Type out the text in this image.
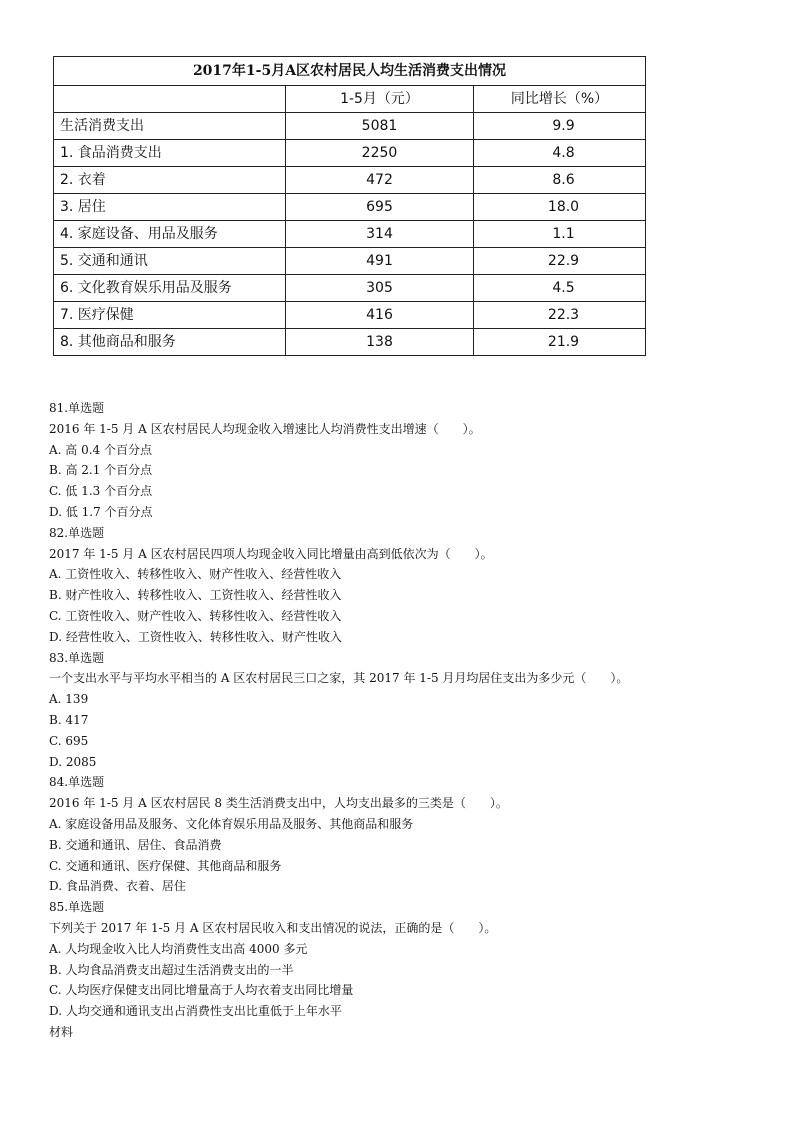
2017年1-5月A区农村居民人均生活消费支出情况		
	1-5月（元）	同比增长（%）
生活消费支出	5081	9.9
1. 食品消费支出	2250	4.8
2. 衣着	472	8.6
3. 居住	695	18.0
4. 家庭设备、用品及服务	314	1.1
5. 交通和通讯	491	22.9
6. 文化教育娱乐用品及服务	305	4.5
7. 医疗保健	416	22.3
8. 其他商品和服务	138	21.9
81.单选题
2016 年 1-5 月 A 区农村居民人均现金收入增速比人均消费性支出增速（　　）。
A. 高 0.4 个百分点
B. 高 2.1 个百分点
C. 低 1.3 个百分点
D. 低 1.7 个百分点
82.单选题
2017 年 1-5 月 A 区农村居民四项人均现金收入同比增量由高到低依次为（　　）。
A. 工资性收入、转移性收入、财产性收入、经营性收入
B. 财产性收入、转移性收入、工资性收入、经营性收入
C. 工资性收入、财产性收入、转移性收入、经营性收入
D. 经营性收入、工资性收入、转移性收入、财产性收入
83.单选题
一个支出水平与平均水平相当的 A 区农村居民三口之家，其 2017 年 1-5 月月均居住支出为多少元（　　）。
A. 139
B. 417
C. 695
D. 2085
84.单选题
2016 年 1-5 月 A 区农村居民 8 类生活消费支出中，人均支出最多的三类是（　　）。
A. 家庭设备用品及服务、文化体育娱乐用品及服务、其他商品和服务
B. 交通和通讯、居住、食品消费
C. 交通和通讯、医疗保健、其他商品和服务
D. 食品消费、衣着、居住
85.单选题
下列关于 2017 年 1-5 月 A 区农村居民收入和支出情况的说法，正确的是（　　）。
A. 人均现金收入比人均消费性支出高 4000 多元
B. 人均食品消费支出超过生活消费支出的一半
C. 人均医疗保健支出同比增量高于人均衣着支出同比增量
D. 人均交通和通讯支出占消费性支出比重低于上年水平
材料
